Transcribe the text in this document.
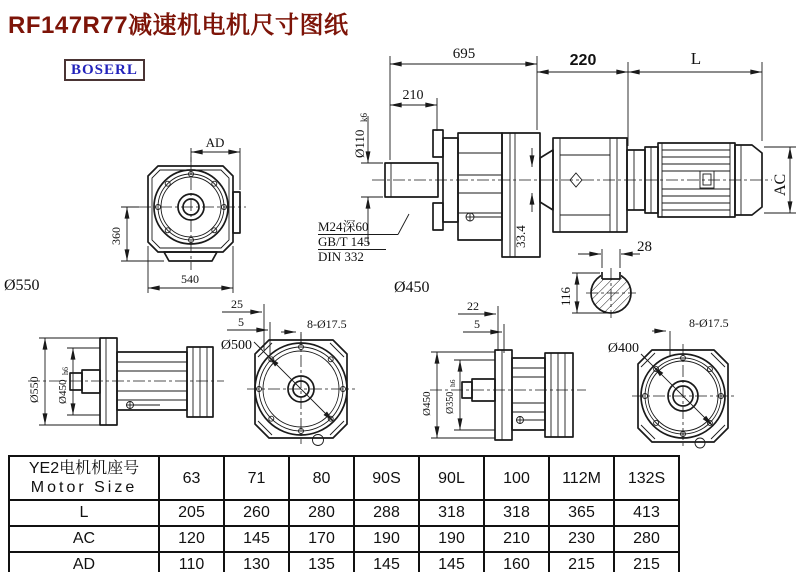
RF147R77减速机电机尺寸图纸
BOSERL
695	220	L
210
Ø110
k6
33.4
M24深60
GB/T 145
DIN 332
AC
28
116
AD
360
540
Ø550	Ø450
Ø550 Ø450
h6
25
5
Ø500
8-Ø17.5
Ø450 Ø350
h6
22
5
Ø400
8-Ø17.5
YE2电机机座号
Motor Size	63	71	80	90S	90L	100	112M	132S
L	205	260	280	288	318	318	365	413
AC	120	145	170	190	190	210	230	280
AD	110	130	135	145	145	160	215	215
